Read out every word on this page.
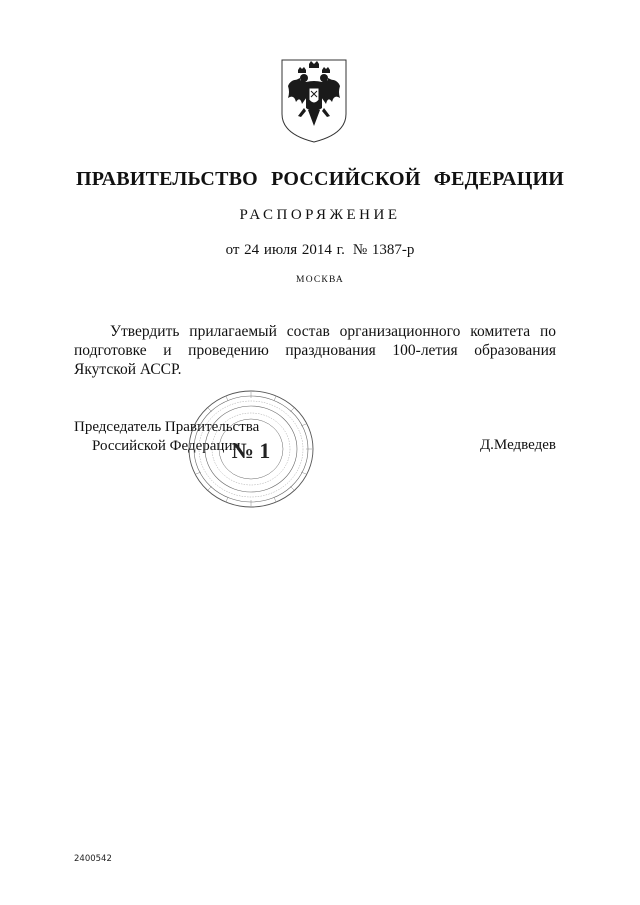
ПРАВИТЕЛЬСТВО РОССИЙСКОЙ ФЕДЕРАЦИИ
РАСПОРЯЖЕНИЕ
от 24 июля 2014 г. № 1387-р
МОСКВА
Утвердить прилагаемый состав организационного комитета по подготовке и проведению празднования 100-летия образования Якутской АССР.
Председатель Правительства
Российской Федерации	Д.Медведев
№ 1
2400542
